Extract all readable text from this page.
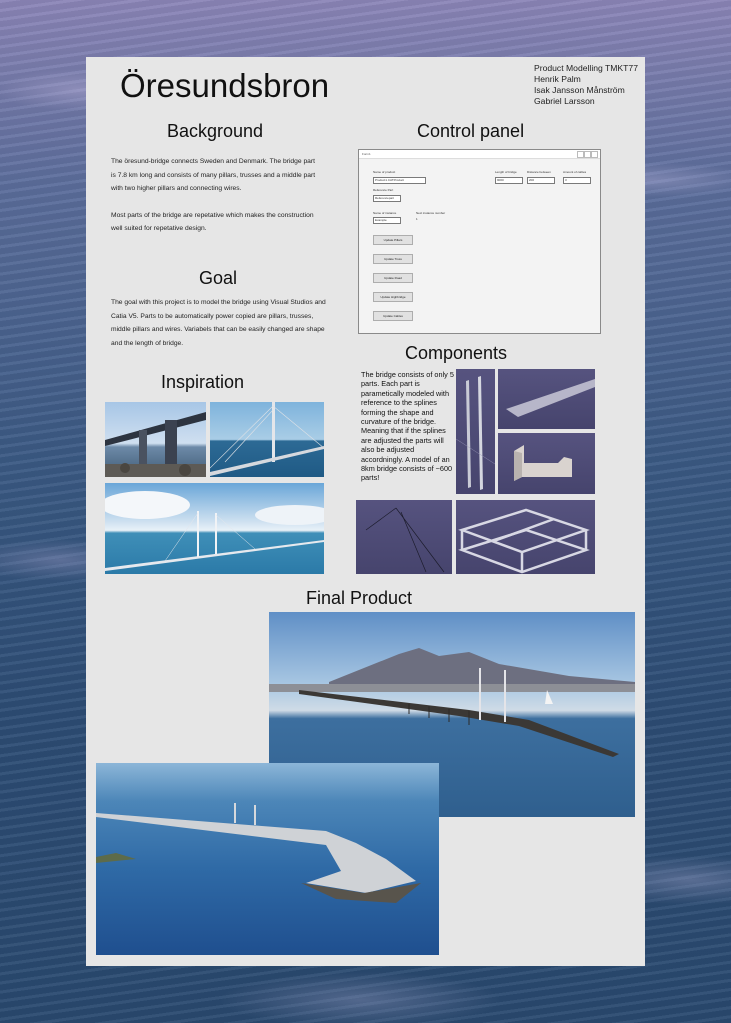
Öresundsbron	Product Modelling TMKT77
Henrik Palm
Isak Jansson Månström
Gabriel Larsson
Background
The öresund-bridge connects Sweden and Denmark. The bridge part is 7.8 km long and consists of many pillars, trusses and a middle part with two higher pillars and connecting wires.
Most parts of the bridge are repetative which makes the construction well suited for repetative design.
Goal
The goal with this project is to model the bridge using Visual Studios and Catia V5. Parts to be automatically power copied are pillars, trusses, middle pillars and wires. Variabels that can be easily changed are shape and the length of bridge.
Inspiration
Control panel
Form1
Name of product
Product1.CATProduct
Reference Part
Referencepart
Length of bridge
9000
Distance between
200
Amount of cables
3
Name of instance
Example
Next instance number
1
Update Pillars
Update Truss
Update Road
Update Highbridge
Update Cables
Components
The bridge consists of only 5 parts. Each part is parametically modeled with reference to the splines forming the shape and curvature of the bridge. Meaning that if the splines are adjusted the parts will also be adjusted accordningly. A model of an 8km bridge consists of ~600 parts!
Final Product
